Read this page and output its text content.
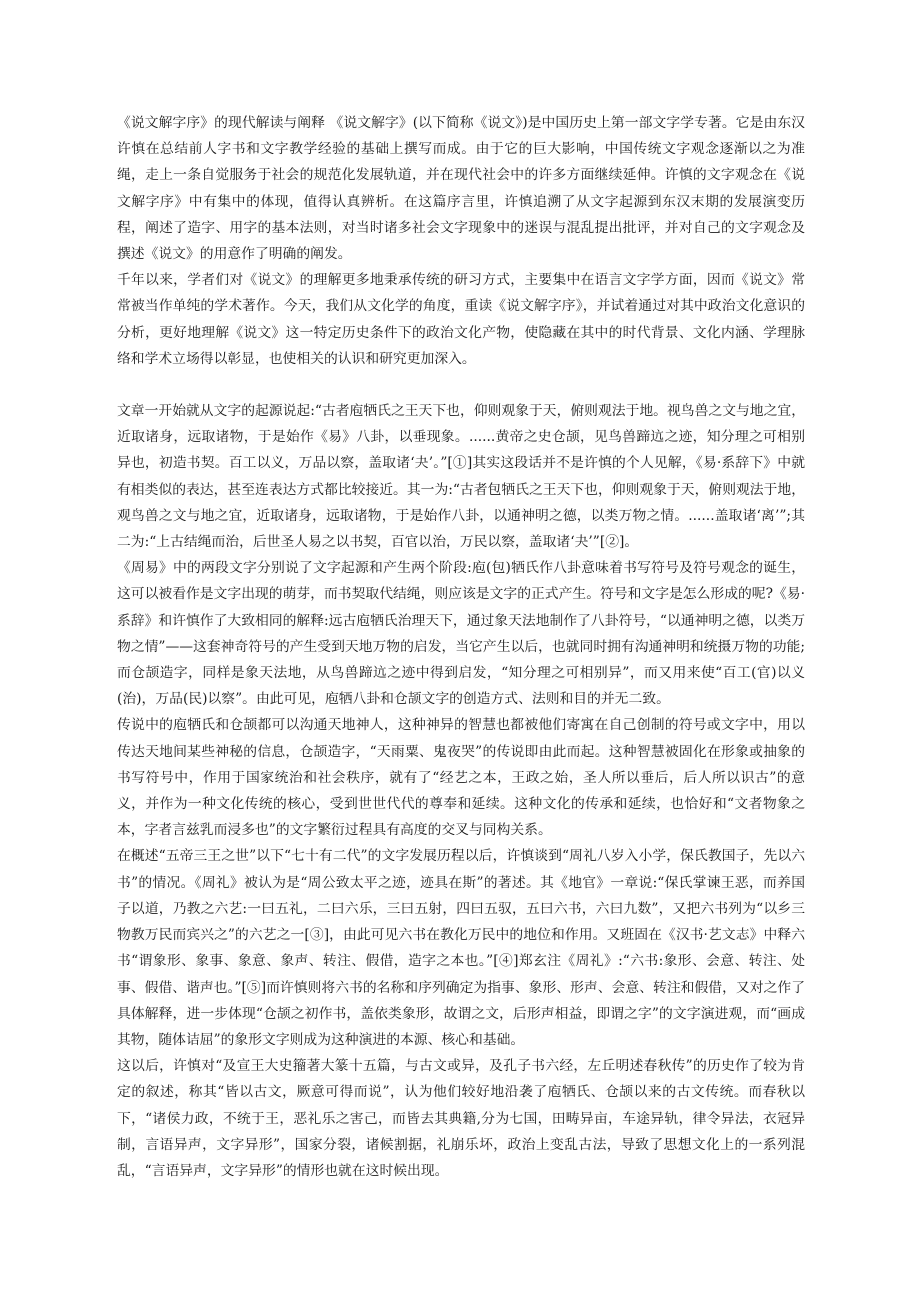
《说文解字序》的现代解读与阐释 《说文解字》(以下简称《说文》)是中国历史上第一部文字学专著。它是由东汉许慎在总结前人字书和文字教学经验的基础上撰写而成。由于它的巨大影响，中国传统文字观念逐渐以之为准绳，走上一条自觉服务于社会的规范化发展轨道，并在现代社会中的许多方面继续延伸。许慎的文字观念在《说文解字序》中有集中的体现，值得认真辨析。在这篇序言里，许慎追溯了从文字起源到东汉末期的发展演变历程，阐述了造字、用字的基本法则，对当时诸多社会文字现象中的迷误与混乱提出批评，并对自己的文字观念及撰述《说文》的用意作了明确的阐发。

千年以来，学者们对《说文》的理解更多地秉承传统的研习方式，主要集中在语言文字学方面，因而《说文》常常被当作单纯的学术著作。今天，我们从文化学的角度，重读《说文解字序》，并试着通过对其中政治文化意识的分析，更好地理解《说文》这一特定历史条件下的政治文化产物，使隐藏在其中的时代背景、文化内涵、学理脉络和学术立场得以彰显，也使相关的认识和研究更加深入。

文章一开始就从文字的起源说起:“古者庖牺氏之王天下也，仰则观象于天，俯则观法于地。视鸟兽之文与地之宜，近取诸身，远取诸物，于是始作《易》八卦，以垂现象。......黄帝之史仓颉，见鸟兽蹄迒之迹，知分理之可相别异也，初造书契。百工以义，万品以察，盖取诸‘夬’。”[①]其实这段话并不是许慎的个人见解，《易·系辞下》中就有相类似的表达，甚至连表达方式都比较接近。其一为:“古者包牺氏之王天下也，仰则观象于天，俯则观法于地，观鸟兽之文与地之宜，近取诸身，远取诸物，于是始作八卦，以通神明之德，以类万物之情。......盖取诸‘离’”;其二为:“上古结绳而治，后世圣人易之以书契，百官以治，万民以察，盖取诸‘夬’”[②]。

《周易》中的两段文字分别说了文字起源和产生两个阶段:庖(包)牺氏作八卦意味着书写符号及符号观念的诞生，这可以被看作是文字出现的萌芽，而书契取代结绳，则应该是文字的正式产生。符号和文字是怎么形成的呢?《易·系辞》和许慎作了大致相同的解释:远古庖牺氏治理天下，通过象天法地制作了八卦符号，“以通神明之德，以类万物之情”——这套神奇符号的产生受到天地万物的启发，当它产生以后，也就同时拥有沟通神明和统摄万物的功能;而仓颉造字，同样是象天法地，从鸟兽蹄迒之迹中得到启发，“知分理之可相别异”，而又用来使“百工(官)以义(治)，万品(民)以察”。由此可见，庖牺八卦和仓颉文字的创造方式、法则和目的并无二致。

传说中的庖牺氏和仓颉都可以沟通天地神人，这种神异的智慧也都被他们寄寓在自己创制的符号或文字中，用以传达天地间某些神秘的信息，仓颉造字，“天雨粟、鬼夜哭”的传说即由此而起。这种智慧被固化在形象或抽象的书写符号中，作用于国家统治和社会秩序，就有了“经艺之本，王政之始，圣人所以垂后，后人所以识古”的意义，并作为一种文化传统的核心，受到世世代代的尊奉和延续。这种文化的传承和延续，也恰好和“文者物象之本，字者言兹乳而浸多也”的文字繁衍过程具有高度的交叉与同构关系。

在概述“五帝三王之世”以下“七十有二代”的文字发展历程以后，许慎谈到“周礼八岁入小学，保氏教国子，先以六书”的情况。《周礼》被认为是“周公致太平之迹，迹具在斯”的著述。其《地官》一章说:“保氏掌谏王恶，而养国子以道，乃教之六艺:一曰五礼，二曰六乐，三曰五射，四曰五驭，五曰六书，六曰九数”，又把六书列为“以乡三物教万民而宾兴之”的六艺之一[③]，由此可见六书在教化万民中的地位和作用。又班固在《汉书·艺文志》中释六书“谓象形、象事、象意、象声、转注、假借，造字之本也。”[④]郑玄注《周礼》:“六书:象形、会意、转注、处事、假借、谐声也。”[⑤]而许慎则将六书的名称和序列确定为指事、象形、形声、会意、转注和假借，又对之作了具体解释，进一步体现“仓颉之初作书，盖依类象形，故谓之文，后形声相益，即谓之字”的文字演进观，而“画成其物，随体诘屈”的象形文字则成为这种演进的本源、核心和基础。

这以后，许慎对“及宣王大史籀著大篆十五篇，与古文或异，及孔子书六经，左丘明述春秋传”的历史作了较为肯定的叙述，称其“皆以古文，厥意可得而说”，认为他们较好地沿袭了庖牺氏、仓颉以来的古文传统。而春秋以下，“诸侯力政，不统于王，恶礼乐之害己，而皆去其典籍,分为七国，田畴异亩，车途异轨，律令异法，衣冠异制，言语异声，文字异形”，国家分裂，诸候割据，礼崩乐坏，政治上变乱古法，导致了思想文化上的一系列混乱，“言语异声，文字异形”的情形也就在这时候出现。
